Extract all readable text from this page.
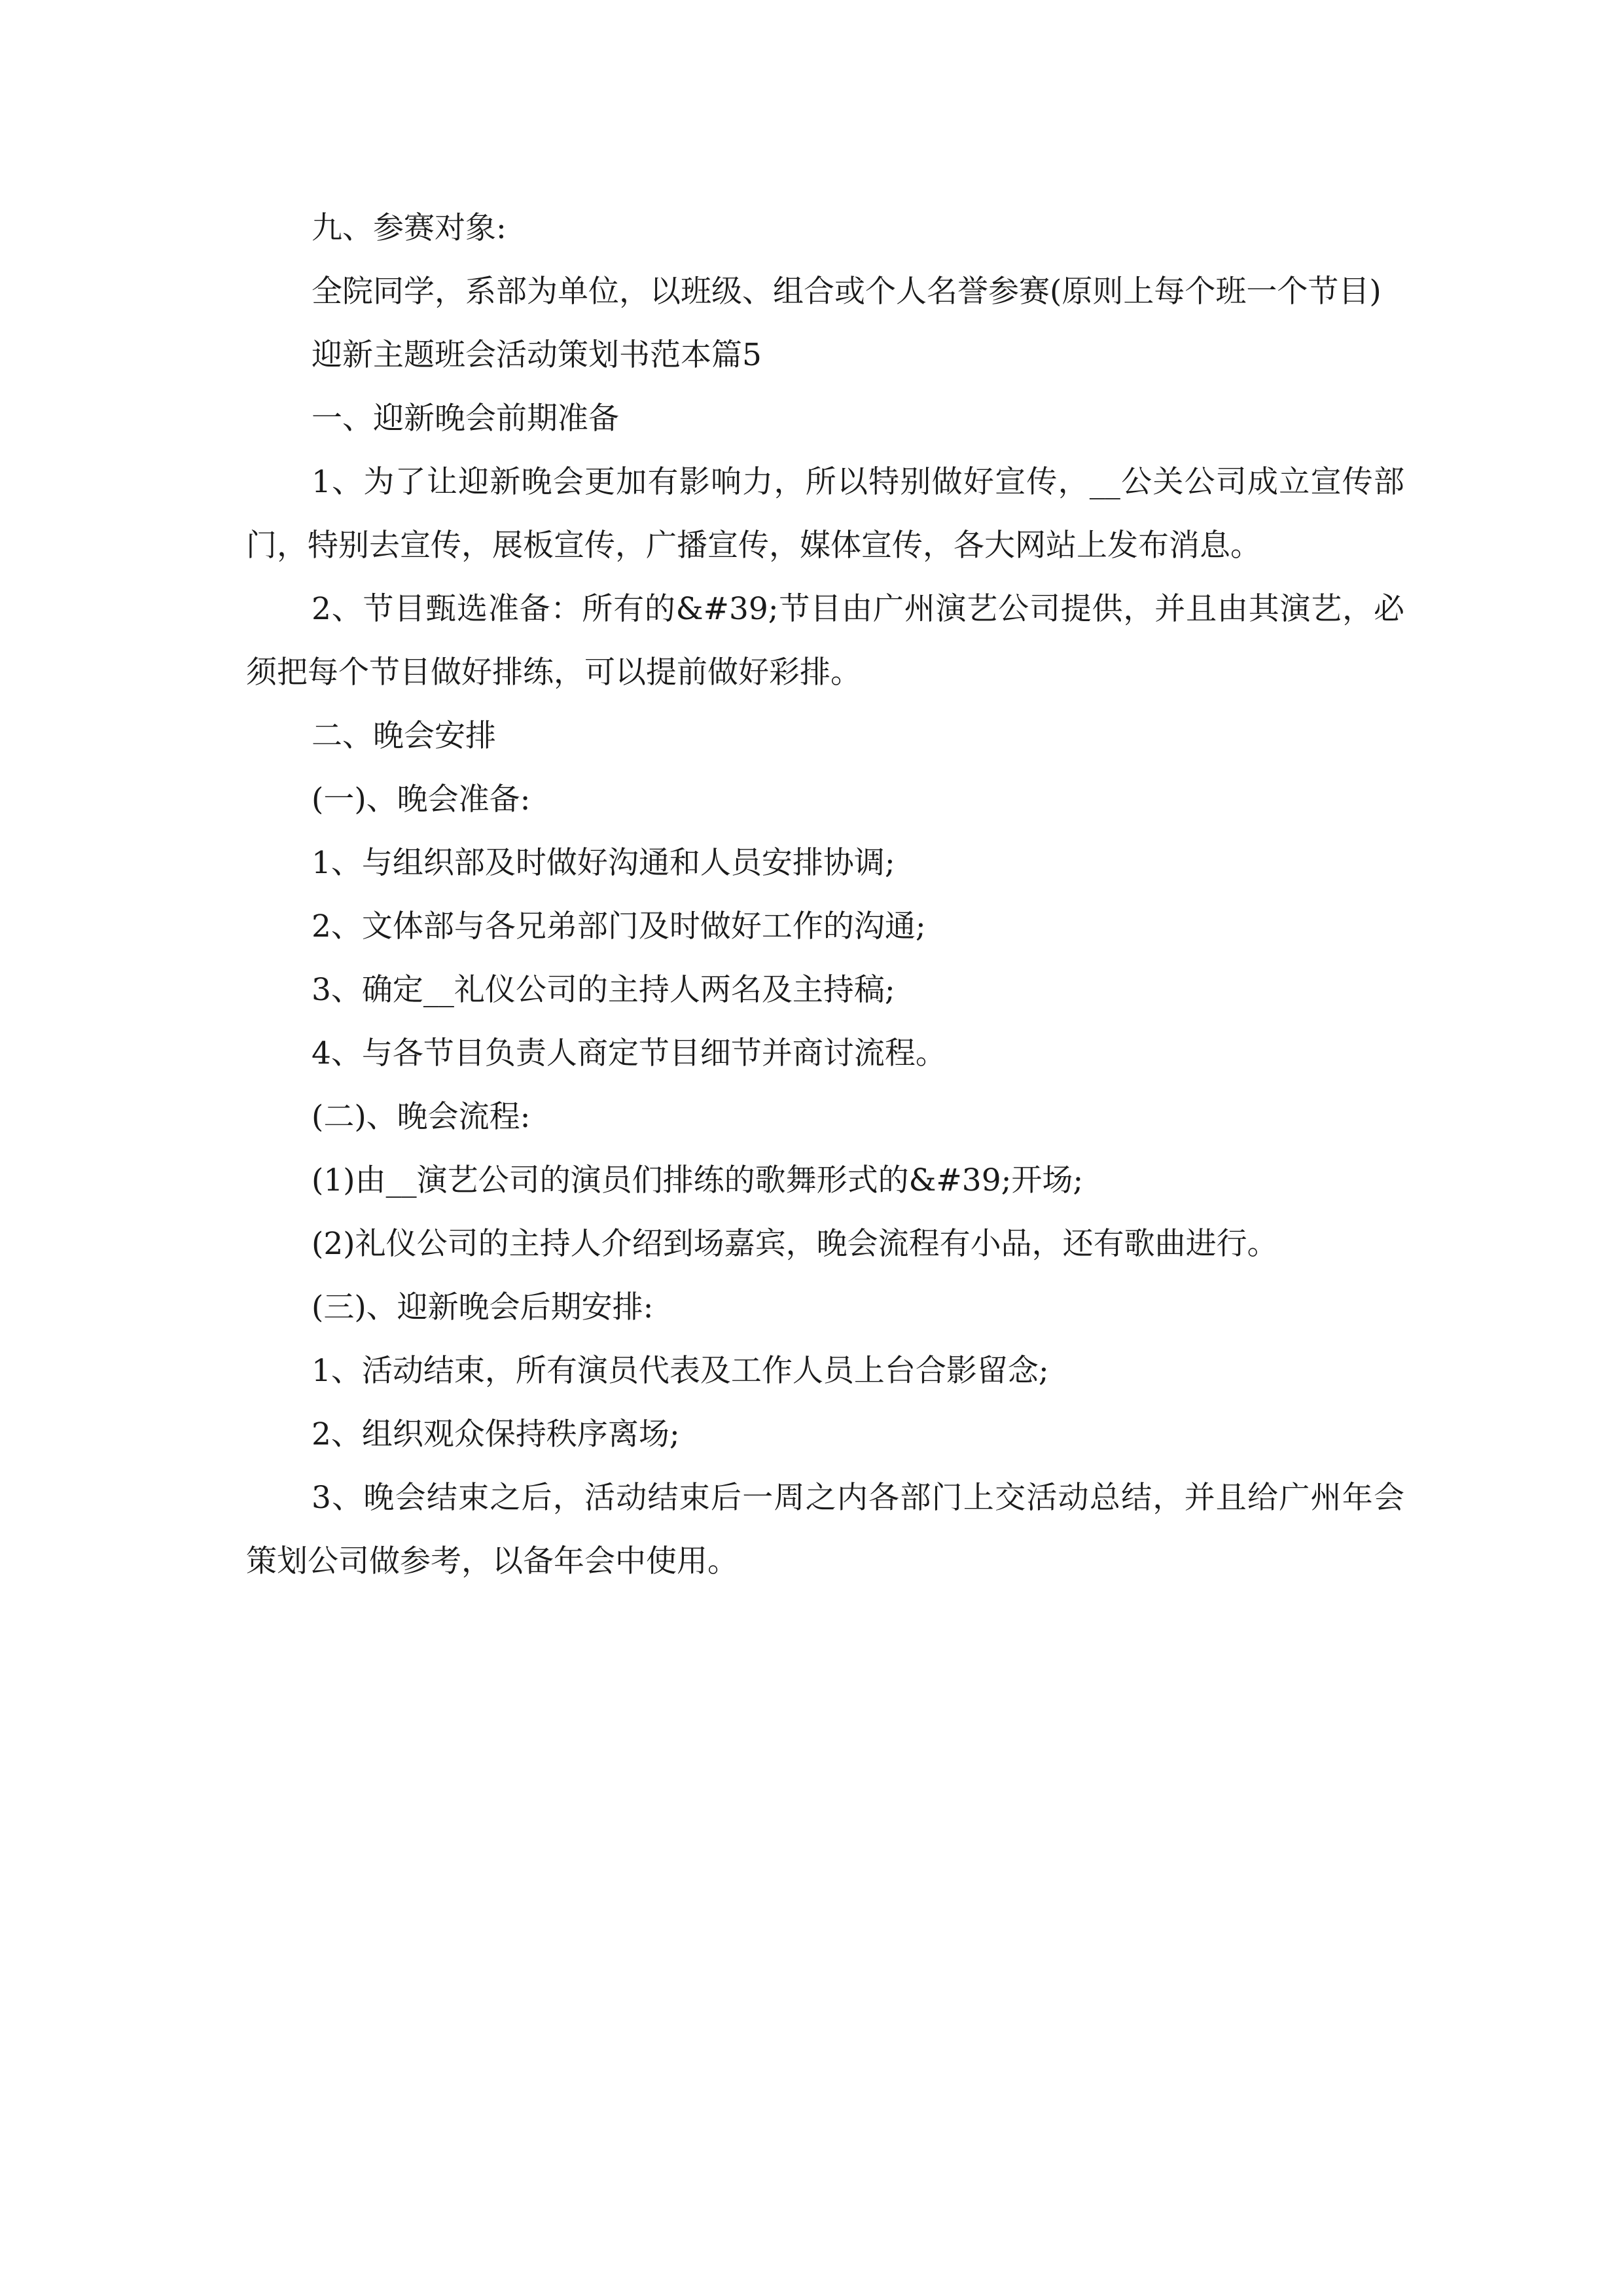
九、参赛对象:

全院同学，系部为单位，以班级、组合或个人名誉参赛(原则上每个班一个节目)

迎新主题班会活动策划书范本篇5

一、迎新晚会前期准备

1、为了让迎新晚会更加有影响力，所以特别做好宣传，__公关公司成立宣传部门，特别去宣传，展板宣传，广播宣传，媒体宣传，各大网站上发布消息。

2、节目甄选准备：所有的&#39;节目由广州演艺公司提供，并且由其演艺，必须把每个节目做好排练，可以提前做好彩排。

二、晚会安排

(一)、晚会准备:

1、与组织部及时做好沟通和人员安排协调;

2、文体部与各兄弟部门及时做好工作的沟通;

3、确定__礼仪公司的主持人两名及主持稿;

4、与各节目负责人商定节目细节并商讨流程。

(二)、晚会流程:

(1)由__演艺公司的演员们排练的歌舞形式的&#39;开场;

(2)礼仪公司的主持人介绍到场嘉宾，晚会流程有小品，还有歌曲进行。

(三)、迎新晚会后期安排:

1、活动结束，所有演员代表及工作人员上台合影留念;

2、组织观众保持秩序离场;

3、晚会结束之后，活动结束后一周之内各部门上交活动总结，并且给广州年会策划公司做参考，以备年会中使用。
